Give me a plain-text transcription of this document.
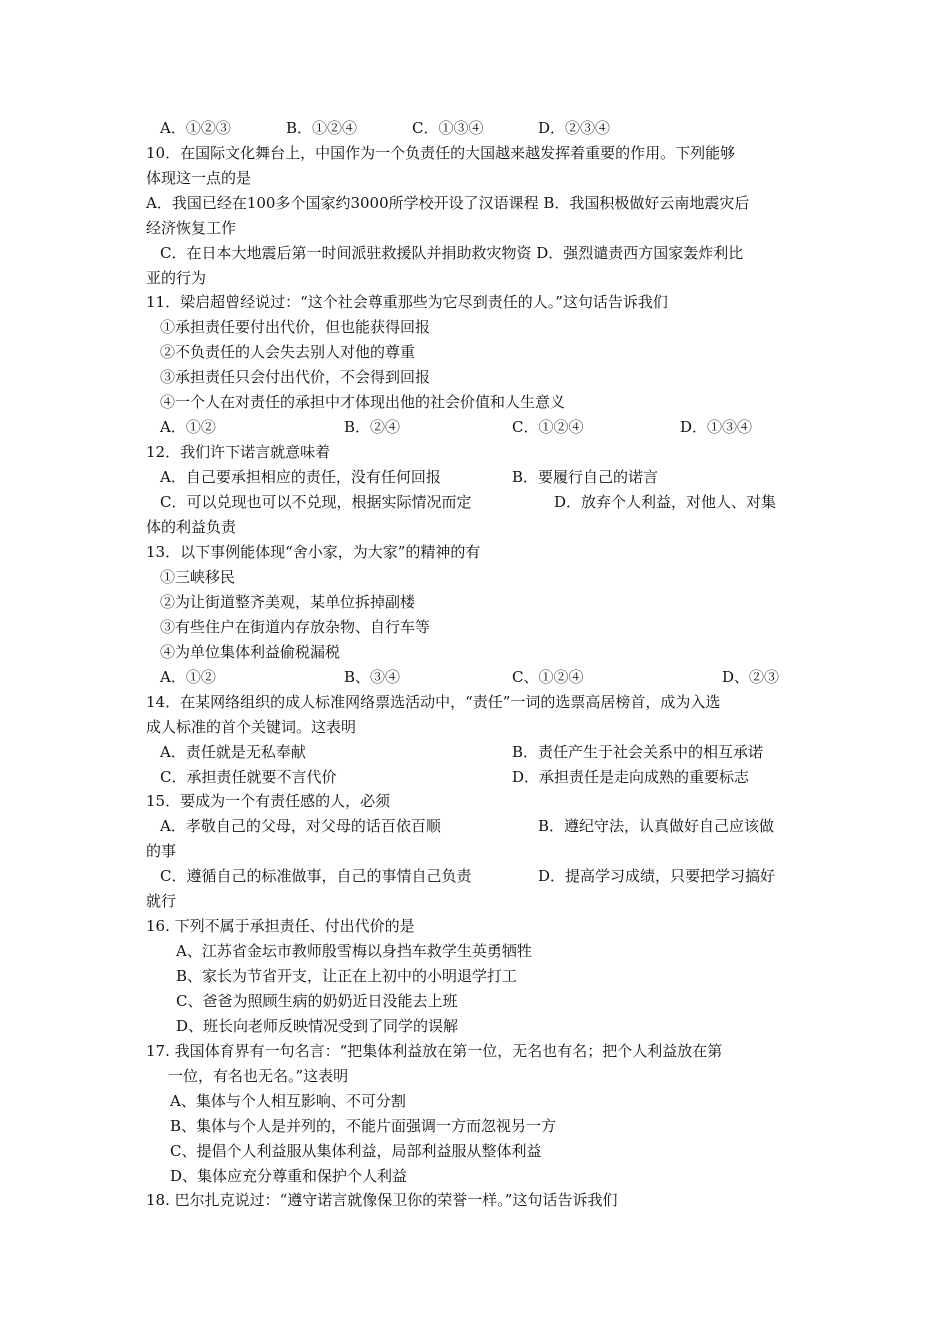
A．①②③	B．①②④	C．①③④	D．②③④
10．在国际文化舞台上，中国作为一个负责任的大国越来越发挥着重要的作用。下列能够
体现这一点的是
A．我国已经在100多个国家约3000所学校开设了汉语课程 B．我国积极做好云南地震灾后
经济恢复工作
C．在日本大地震后第一时间派驻救援队并捐助救灾物资 D．强烈谴责西方国家轰炸利比
亚的行为
11．梁启超曾经说过：“这个社会尊重那些为它尽到责任的人。”这句话告诉我们
①承担责任要付出代价，但也能获得回报
②不负责任的人会失去别人对他的尊重
③承担责任只会付出代价，不会得到回报
④一个人在对责任的承担中才体现出他的社会价值和人生意义
A．①②	B．②④	C．①②④	D．①③④
12．我们许下诺言就意味着
A．自己要承担相应的责任，没有任何回报	B．要履行自己的诺言
C．可以兑现也可以不兑现，根据实际情况而定	D．放弃个人利益，对他人、对集
体的利益负责
13．以下事例能体现“舍小家，为大家”的精神的有
①三峡移民
②为让街道整齐美观，某单位拆掉副楼
③有些住户在街道内存放杂物、自行车等
④为单位集体利益偷税漏税
A．①②	B、③④	C、①②④	D、②③
14．在某网络组织的成人标准网络票选活动中，“责任”一词的选票高居榜首，成为入选
成人标准的首个关键词。这表明
A．责任就是无私奉献	B．责任产生于社会关系中的相互承诺
C．承担责任就要不言代价	D．承担责任是走向成熟的重要标志
15．要成为一个有责任感的人，必须
A．孝敬自己的父母，对父母的话百依百顺	B．遵纪守法，认真做好自己应该做
的事
C．遵循自己的标准做事，自己的事情自己负责	D．提高学习成绩，只要把学习搞好
就行
16. 下列不属于承担责任、付出代价的是
A、江苏省金坛市教师殷雪梅以身挡车救学生英勇牺牲
B、家长为节省开支，让正在上初中的小明退学打工
C、爸爸为照顾生病的奶奶近日没能去上班
D、班长向老师反映情况受到了同学的误解
17. 我国体育界有一句名言：“把集体利益放在第一位，无名也有名；把个人利益放在第
一位，有名也无名。”这表明
A、集体与个人相互影响、不可分割
B、集体与个人是并列的，不能片面强调一方而忽视另一方
C、提倡个人利益服从集体利益，局部利益服从整体利益
D、集体应充分尊重和保护个人利益
18. 巴尔扎克说过：“遵守诺言就像保卫你的荣誉一样。”这句话告诉我们
